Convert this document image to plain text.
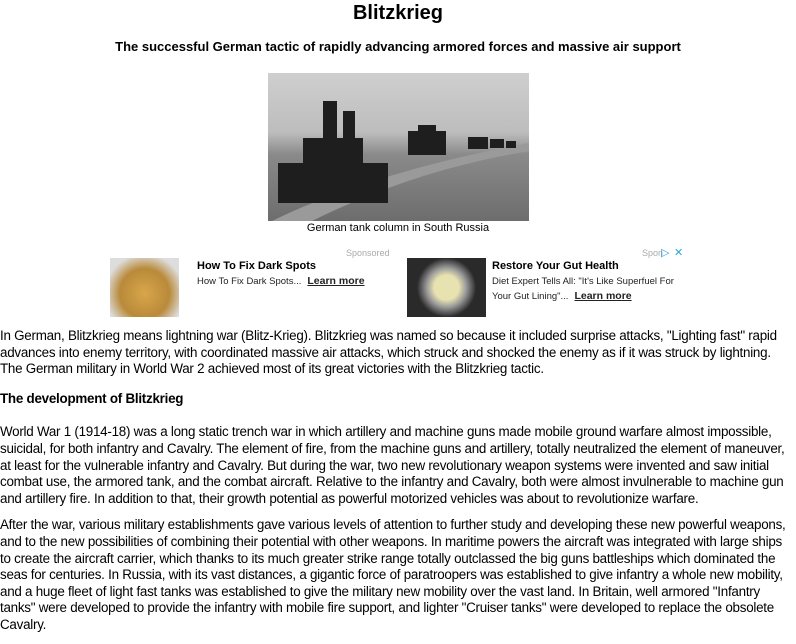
Blitzkrieg
The successful German tactic of rapidly advancing armored forces and massive air support
German tank column in South Russia
Sponsored
How To Fix Dark Spots
How To Fix Dark Spots... Learn more
Spon
▷ ✕
Restore Your Gut Health
Diet Expert Tells All: "It's Like Superfuel For Your Gut Lining"... Learn more

In German, Blitzkrieg means lightning war (Blitz-Krieg). Blitzkrieg was named so because it included surprise attacks, "Lighting fast" rapid advances into enemy territory, with coordinated massive air attacks, which struck and shocked the enemy as if it was struck by lightning. The German military in World War 2 achieved most of its great victories with the Blitzkrieg tactic.

The development of Blitzkrieg

World War 1 (1914-18) was a long static trench war in which artillery and machine guns made mobile ground warfare almost impossible, suicidal, for both infantry and Cavalry. The element of fire, from the machine guns and artillery, totally neutralized the element of maneuver, at least for the vulnerable infantry and Cavalry. But during the war, two new revolutionary weapon systems were invented and saw initial combat use, the armored tank, and the combat aircraft. Relative to the infantry and Cavalry, both were almost invulnerable to machine gun and artillery fire. In addition to that, their growth potential as powerful motorized vehicles was about to revolutionize warfare.

After the war, various military establishments gave various levels of attention to further study and developing these new powerful weapons, and to the new possibilities of combining their potential with other weapons. In maritime powers the aircraft was integrated with large ships to create the aircraft carrier, which thanks to its much greater strike range totally outclassed the big guns battleships which dominated the seas for centuries. In Russia, with its vast distances, a gigantic force of paratroopers was established to give infantry a whole new mobility, and a huge fleet of light fast tanks was established to give the military new mobility over the vast land. In Britain, well armored "Infantry tanks" were developed to provide the infantry with mobile fire support, and lighter "Cruiser tanks" were developed to replace the obsolete Cavalry.
